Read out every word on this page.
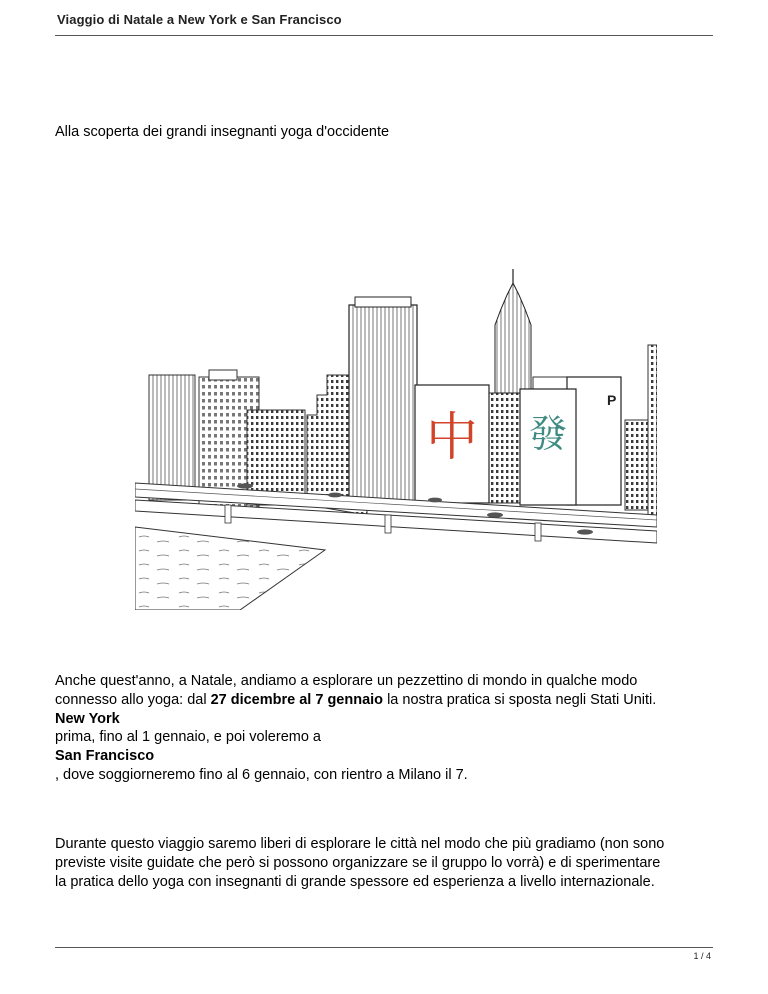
Viaggio di Natale a New York e San Francisco
Alla scoperta dei grandi insegnanti yoga d'occidente
中 發
P
Anche quest'anno, a Natale, andiamo a esplorare un pezzettino di mondo in qualche modo
connesso allo yoga: dal 27 dicembre al 7 gennaio la nostra pratica si sposta negli Stati Uniti.
New York
prima, fino al 1 gennaio, e poi voleremo a
San Francisco
, dove soggiorneremo fino al 6 gennaio, con rientro a Milano il 7.
Durante questo viaggio saremo liberi di esplorare le città nel modo che più gradiamo (non sono
previste visite guidate che però si possono organizzare se il gruppo lo vorrà) e di sperimentare
la pratica dello yoga con insegnanti di grande spessore ed esperienza a livello internazionale.
1 / 4
